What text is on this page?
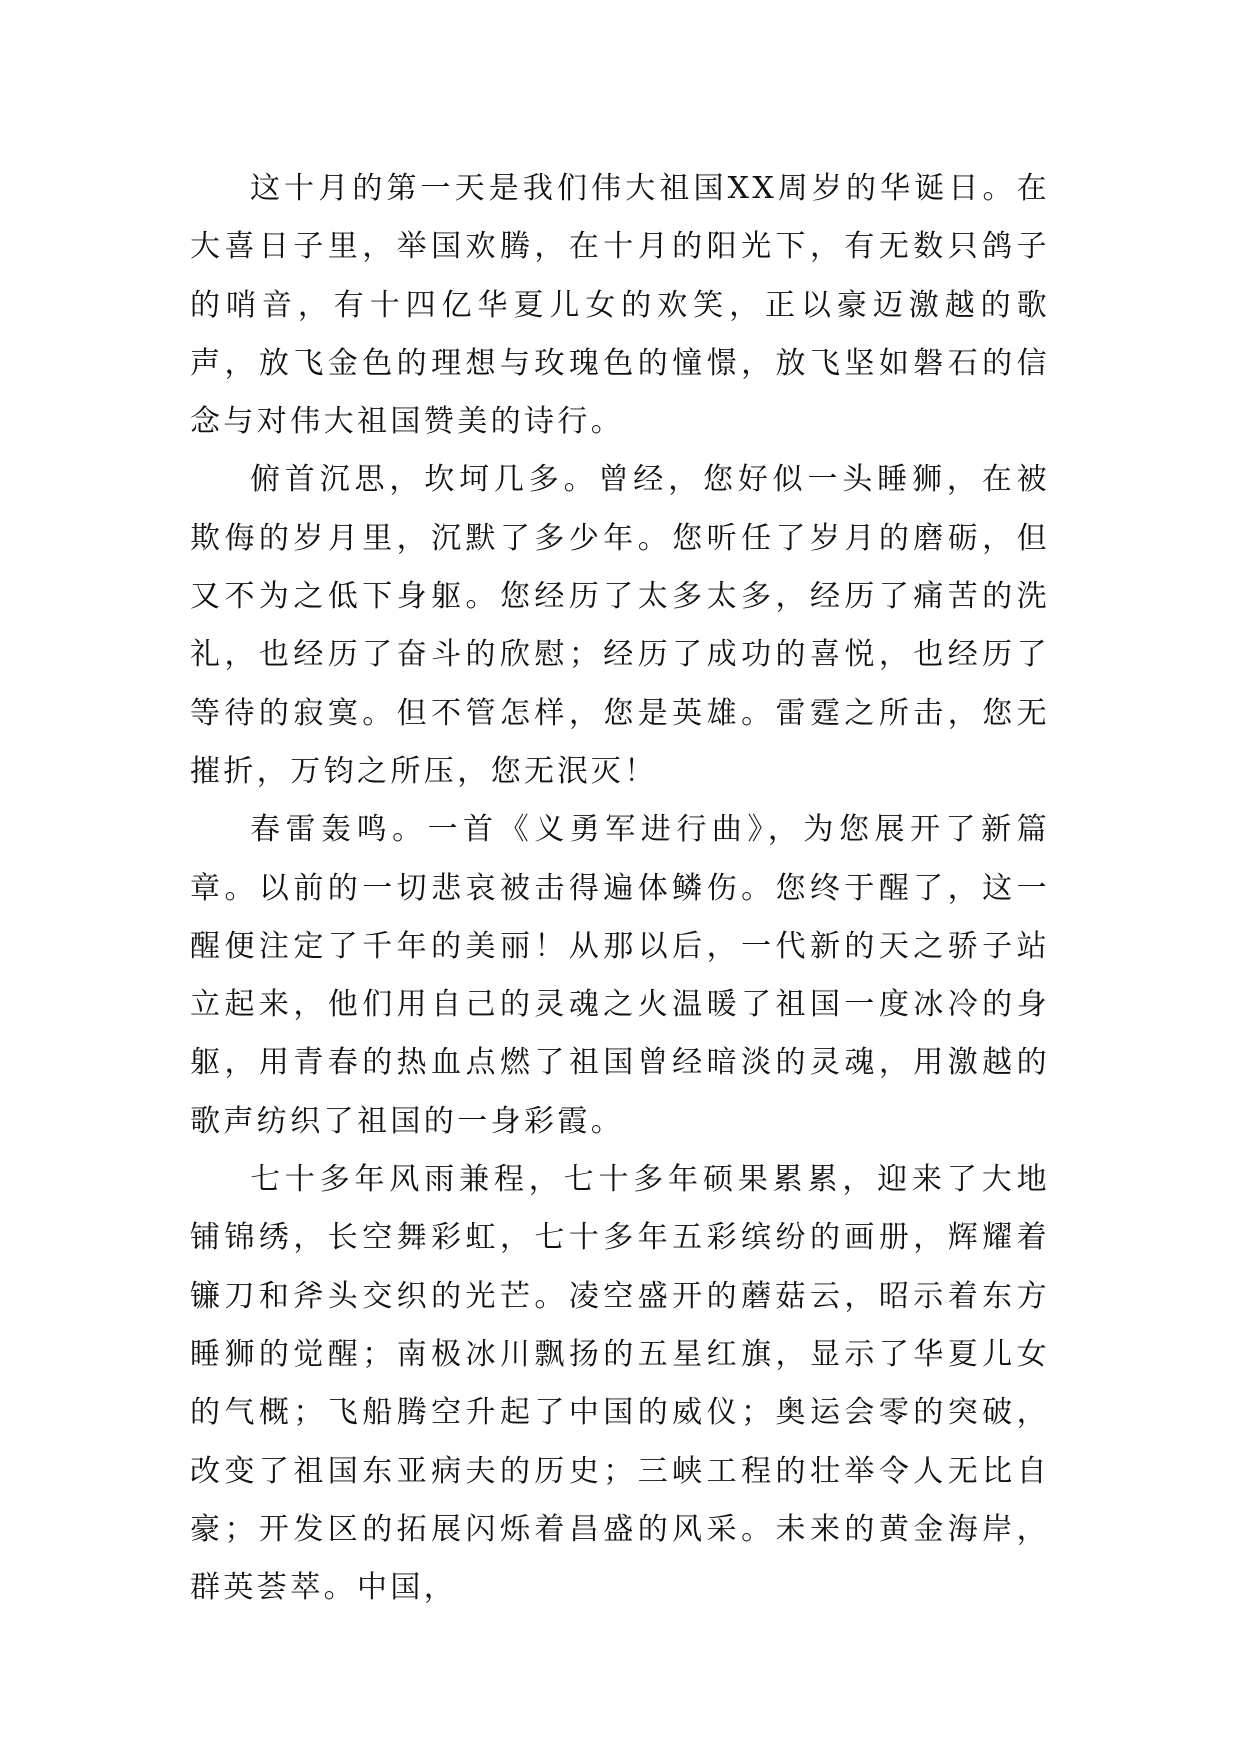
这十月的第一天是我们伟大祖国XX周岁的华诞日。在大喜日子里，举国欢腾，在十月的阳光下，有无数只鸽子的哨音，有十四亿华夏儿女的欢笑，正以豪迈激越的歌声，放飞金色的理想与玫瑰色的憧憬，放飞坚如磐石的信念与对伟大祖国赞美的诗行。

俯首沉思，坎坷几多。曾经，您好似一头睡狮，在被欺侮的岁月里，沉默了多少年。您听任了岁月的磨砺，但又不为之低下身躯。您经历了太多太多，经历了痛苦的洗礼，也经历了奋斗的欣慰；经历了成功的喜悦，也经历了等待的寂寞。但不管怎样，您是英雄。雷霆之所击，您无摧折，万钧之所压，您无泯灭！

春雷轰鸣。一首《义勇军进行曲》，为您展开了新篇章。以前的一切悲哀被击得遍体鳞伤。您终于醒了，这一醒便注定了千年的美丽！从那以后，一代新的天之骄子站立起来，他们用自己的灵魂之火温暖了祖国一度冰冷的身躯，用青春的热血点燃了祖国曾经暗淡的灵魂，用激越的歌声纺织了祖国的一身彩霞。

七十多年风雨兼程，七十多年硕果累累，迎来了大地铺锦绣，长空舞彩虹，七十多年五彩缤纷的画册，辉耀着镰刀和斧头交织的光芒。凌空盛开的蘑菇云，昭示着东方睡狮的觉醒；南极冰川飘扬的五星红旗，显示了华夏儿女的气概；飞船腾空升起了中国的威仪；奥运会零的突破，改变了祖国东亚病夫的历史；三峡工程的壮举令人无比自豪；开发区的拓展闪烁着昌盛的风采。未来的黄金海岸，群英荟萃。中国，
